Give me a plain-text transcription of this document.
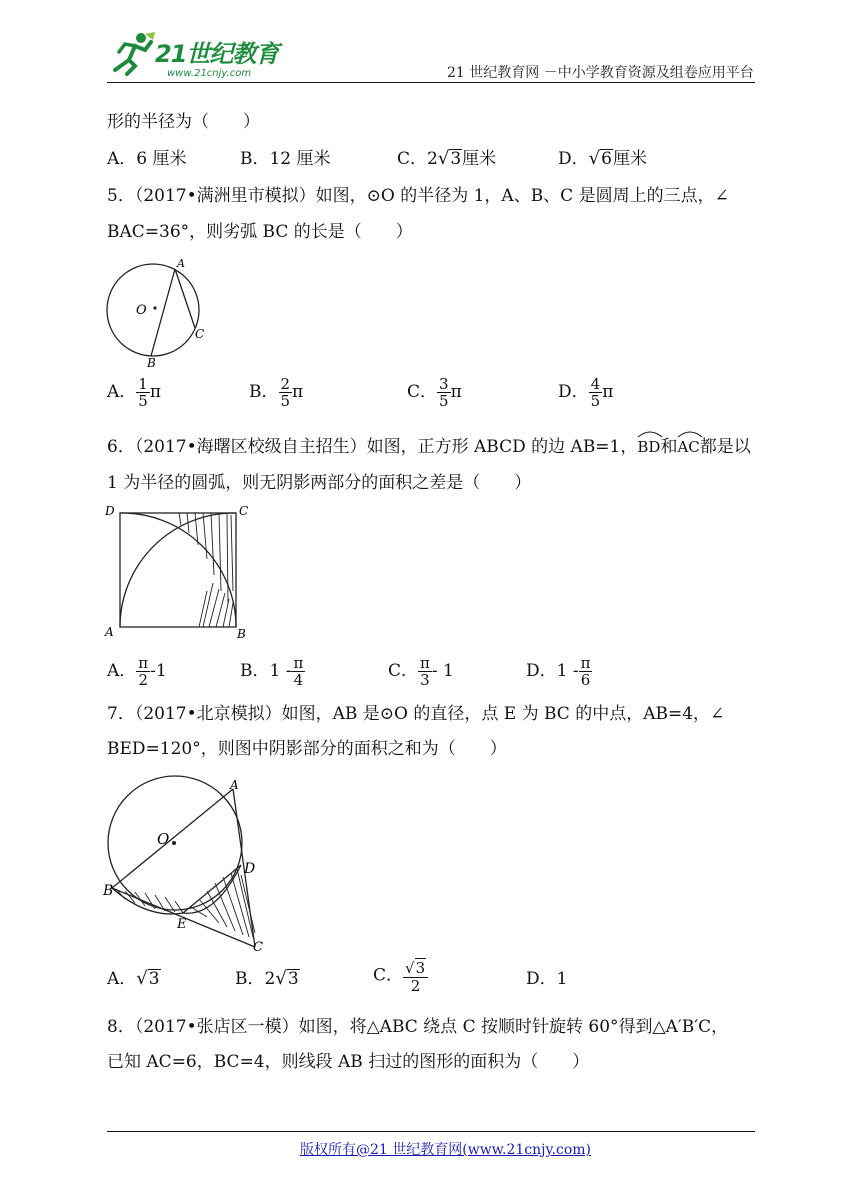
21世纪教育
www.21cnjy.com	21 世纪教育网 －中小学教育资源及组卷应用平台
形的半径为（　　）
A．6 厘米	B．12 厘米	C．2√3厘米	D．√6厘米
5．（2017•满洲里市模拟）如图，⊙O 的半径为 1，A、B、C 是圆周上的三点，∠
BAC=36°，则劣弧 BC 的长是（　　）
A
O
C
B
A． $\frac{1}{5}$ π	B． $\frac{2}{5}$ π	C． $\frac{3}{5}$ π	D． $\frac{4}{5}$ π
6．（2017•海曙区校级自主招生）如图，正方形 ABCD 的边 AB=1，
BD和
AC都是以
1 为半径的圆弧，则无阴影两部分的面积之差是（　　）
D	C
A	B
A． $\frac{\pi}{2} -1$	B．$1 - \frac{\pi}{4}$	C． $\frac{\pi}{3} - 1$	D．$1 - \frac{\pi}{6}$
7．（2017•北京模拟）如图，AB 是⊙O 的直径，点 E 为 BC 的中点，AB=4，∠
BED=120°，则图中阴影部分的面积之和为（　　）
A
O
D
B
E
C
A．√3	B．2√3	C． $\frac{√3}{2}$	D．1
8．（2017•张店区一模）如图，将△ABC 绕点 C 按顺时针旋转 60°得到△A′B′C，
已知 AC=6，BC=4，则线段 AB 扫过的图形的面积为（　　）
版权所有@21 世纪教育网(www.21cnjy.com)
